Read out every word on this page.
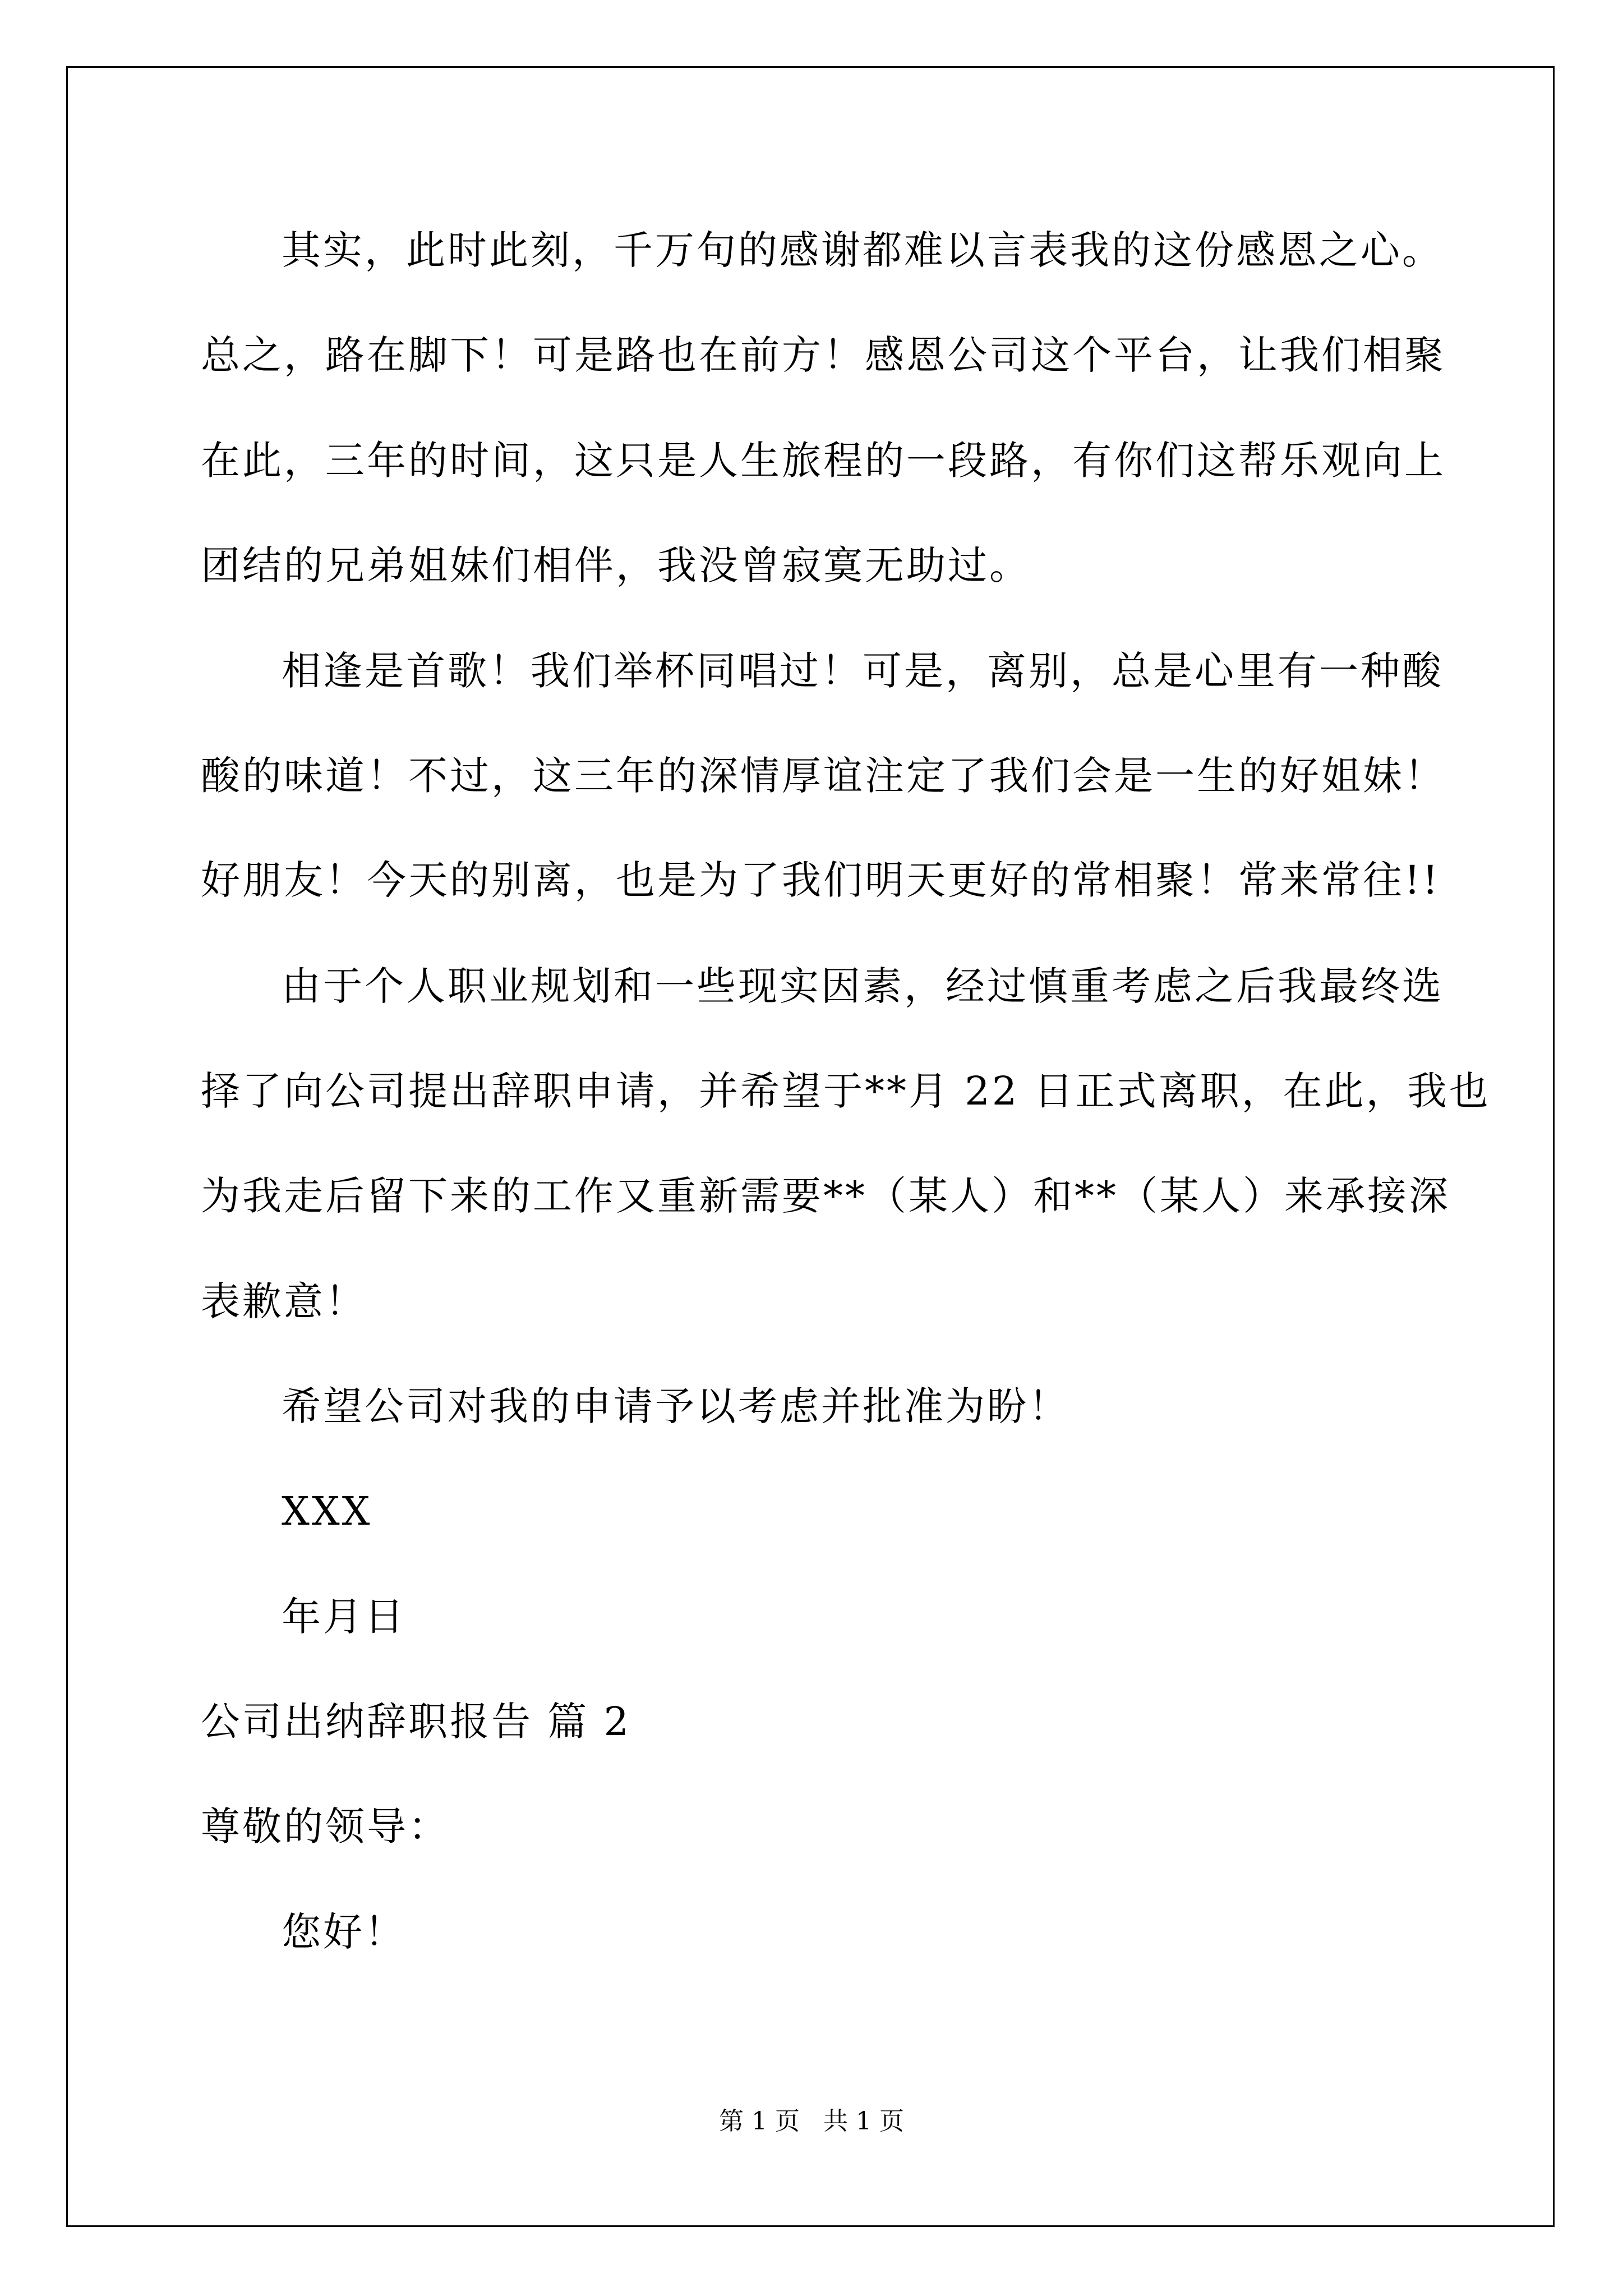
其实，此时此刻，千万句的感谢都难以言表我的这份感恩之心。
总之，路在脚下！可是路也在前方！感恩公司这个平台，让我们相聚
在此，三年的时间，这只是人生旅程的一段路，有你们这帮乐观向上
团结的兄弟姐妹们相伴，我没曾寂寞无助过。
相逢是首歌！我们举杯同唱过！可是，离别，总是心里有一种酸
酸的味道！不过，这三年的深情厚谊注定了我们会是一生的好姐妹！
好朋友！今天的别离，也是为了我们明天更好的常相聚！常来常往!!
由于个人职业规划和一些现实因素，经过慎重考虑之后我最终选
择了向公司提出辞职申请，并希望于**月 22 日正式离职，在此，我也
为我走后留下来的工作又重新需要**（某人）和**（某人）来承接深
表歉意！
希望公司对我的申请予以考虑并批准为盼！
XXX
年月日
公司出纳辞职报告 篇 2
尊敬的领导：
您好！
第 1 页   共 1 页
